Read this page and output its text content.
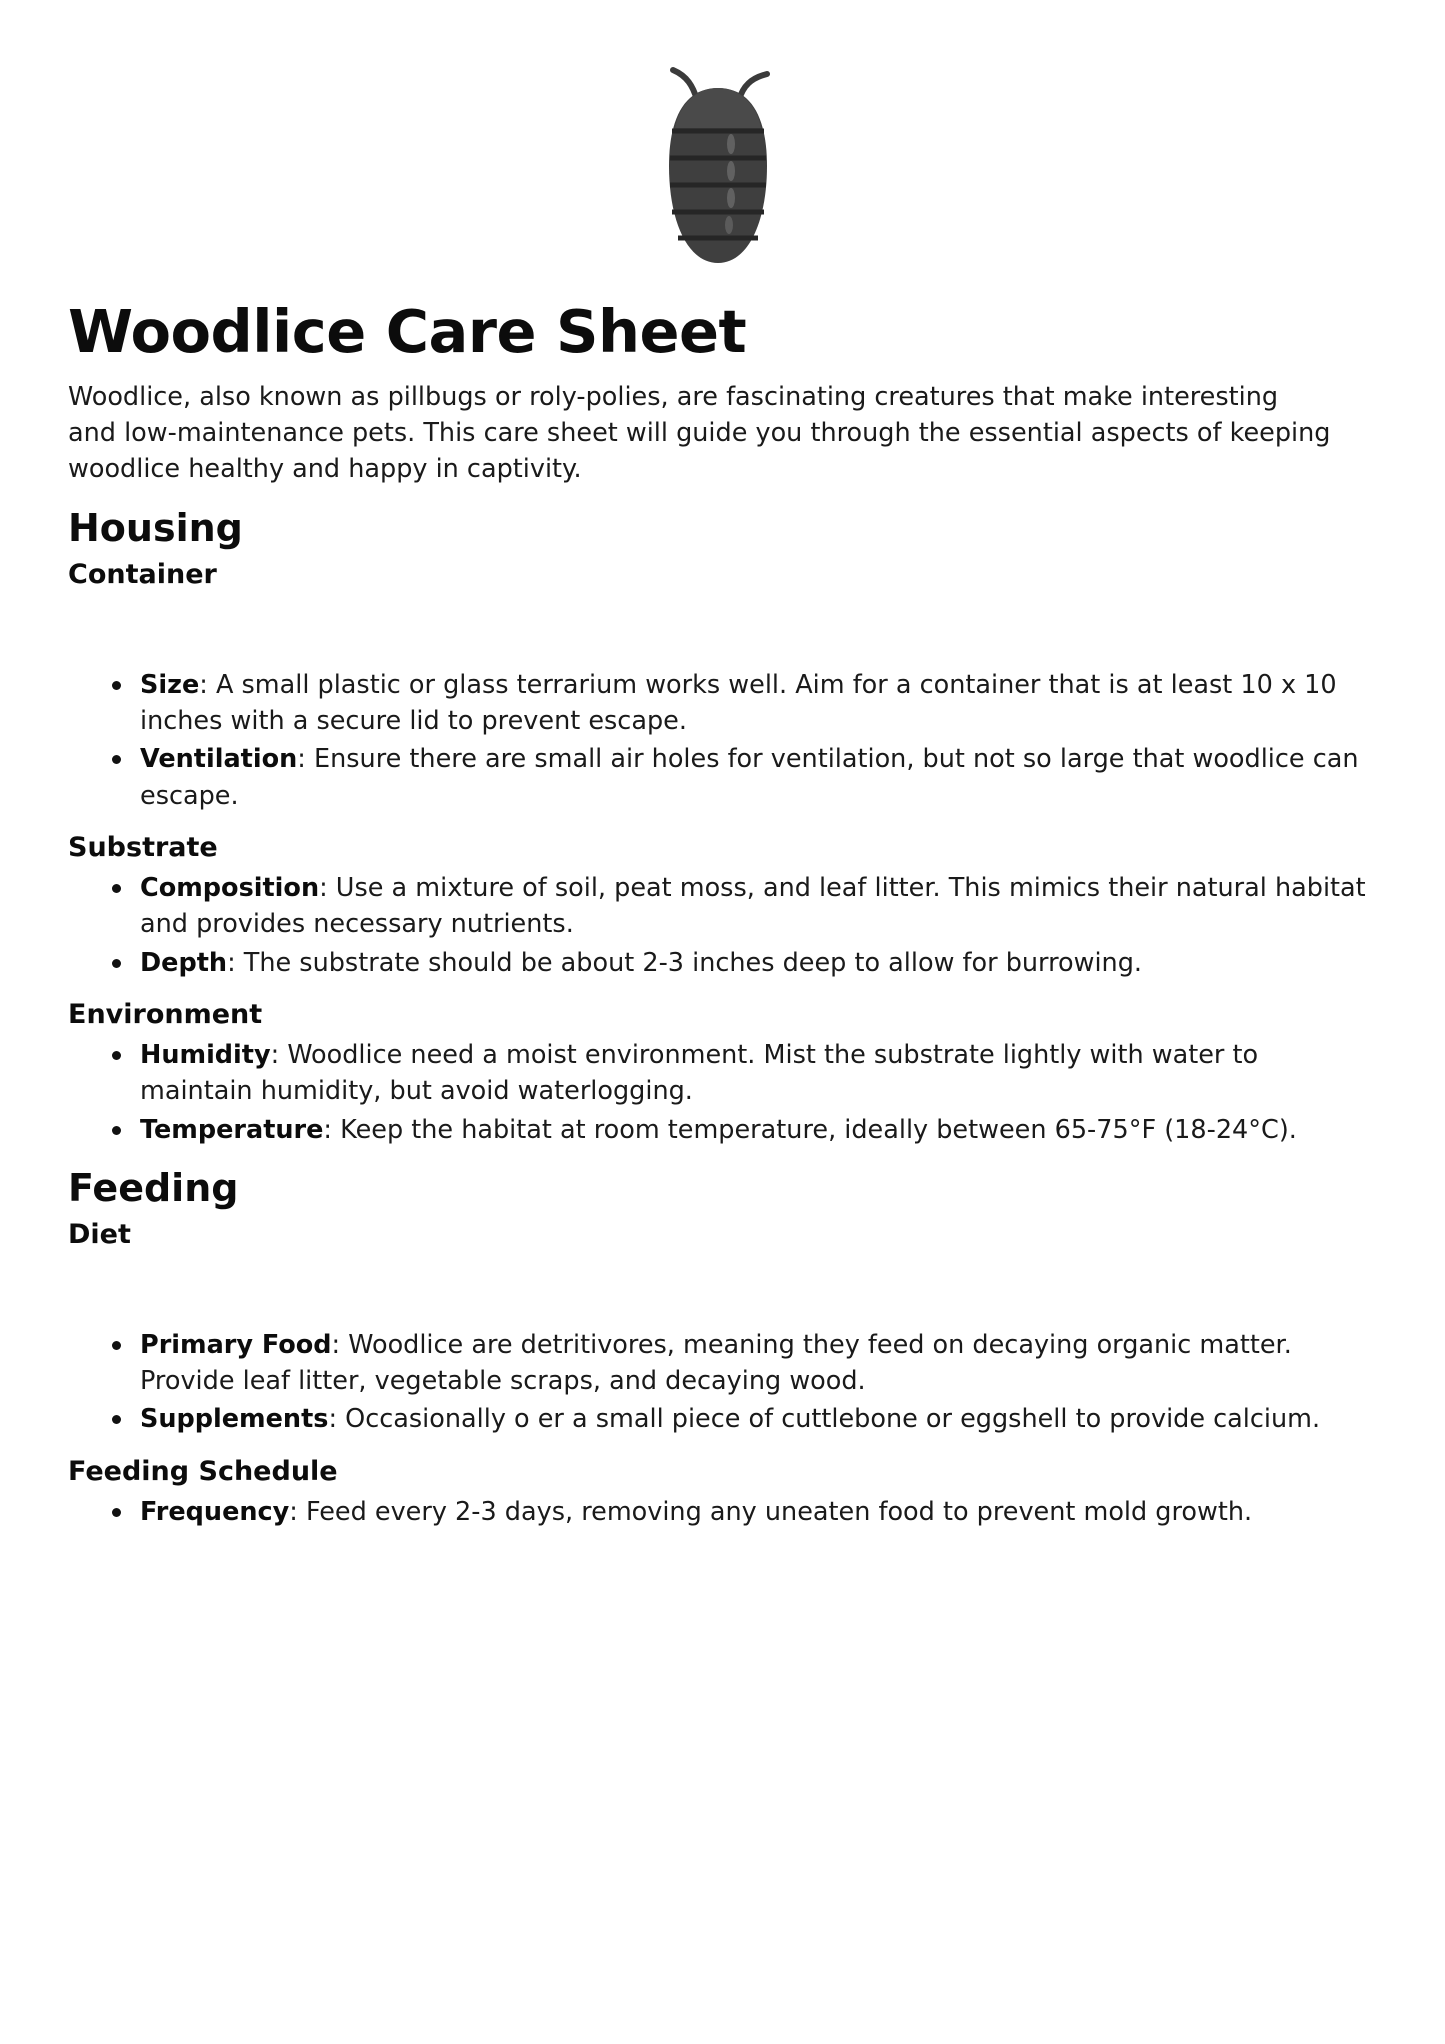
Woodlice Care Sheet

Woodlice, also known as pillbugs or roly-polies, are fascinating creatures that make interesting and low-maintenance pets. This care sheet will guide you through the essential aspects of keeping woodlice healthy and happy in captivity.

Housing
Container
Size: A small plastic or glass terrarium works well. Aim for a container that is at least 10 x 10 inches with a secure lid to prevent escape.
Ventilation: Ensure there are small air holes for ventilation, but not so large that woodlice can escape.
Substrate
Composition: Use a mixture of soil, peat moss, and leaf litter. This mimics their natural habitat and provides necessary nutrients.
Depth: The substrate should be about 2-3 inches deep to allow for burrowing.
Environment
Humidity: Woodlice need a moist environment. Mist the substrate lightly with water to maintain humidity, but avoid waterlogging.
Temperature: Keep the habitat at room temperature, ideally between 65-75°F (18-24°C).
Feeding
Diet
Primary Food: Woodlice are detritivores, meaning they feed on decaying organic matter. Provide leaf litter, vegetable scraps, and decaying wood.
Supplements: Occasionally o er a small piece of cuttlebone or eggshell to provide calcium.
Feeding Schedule
Frequency: Feed every 2-3 days, removing any uneaten food to prevent mold growth.
